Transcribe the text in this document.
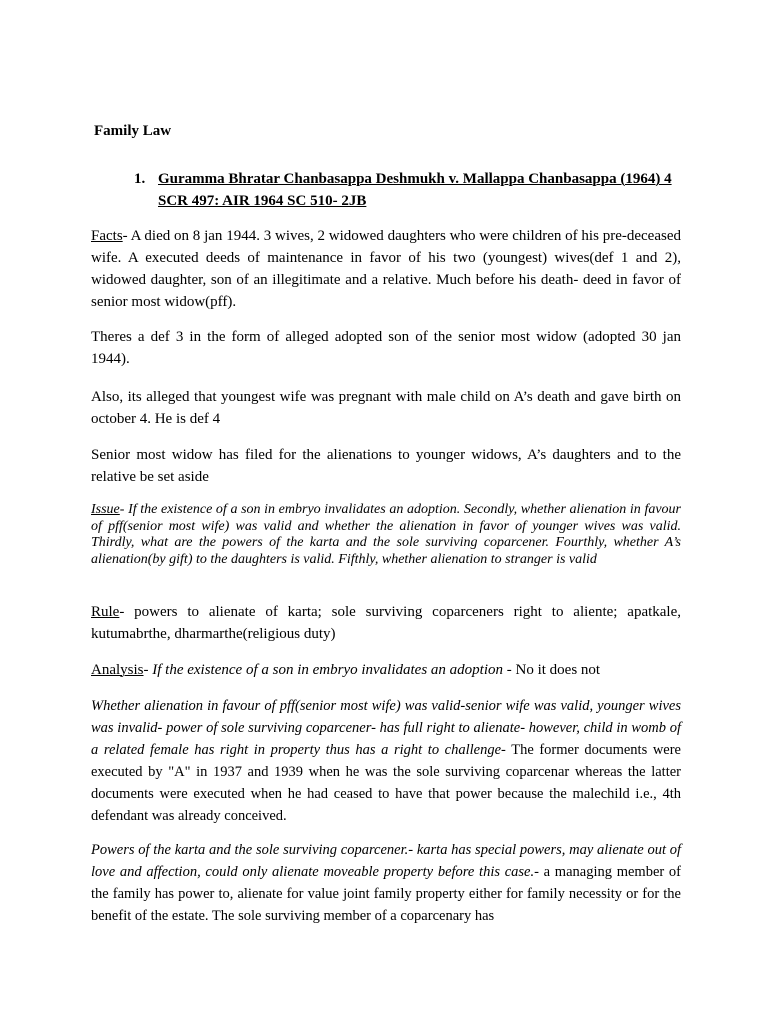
Family Law
1. Guramma Bhratar Chanbasappa Deshmukh v. Mallappa Chanbasappa (1964) 4 SCR 497: AIR 1964 SC 510- 2JB

Facts- A died on 8 jan 1944. 3 wives, 2 widowed daughters who were children of his pre-deceased wife. A executed deeds of maintenance in favor of his two (youngest) wives(def 1 and 2), widowed daughter, son of an illegitimate and a relative. Much before his death- deed in favor of senior most widow(pff).

Theres a def 3 in the form of alleged adopted son of the senior most widow (adopted 30 jan 1944).

Also, its alleged that youngest wife was pregnant with male child on A’s death and gave birth on october 4. He is def 4

Senior most widow has filed for the alienations to younger widows, A’s daughters and to the relative be set aside

Issue- If the existence of a son in embryo invalidates an adoption. Secondly, whether alienation in favour of pff(senior most wife) was valid and whether the alienation in favor of younger wives was valid. Thirdly, what are the powers of the karta and the sole surviving coparcener. Fourthly, whether A’s alienation(by gift) to the daughters is valid. Fifthly, whether alienation to stranger is valid

Rule- powers to alienate of karta; sole surviving coparceners right to aliente; apatkale, kutumabrthe, dharmarthe(religious duty)

Analysis- If the existence of a son in embryo invalidates an adoption - No it does not

Whether alienation in favour of pff(senior most wife) was valid-senior wife was valid, younger wives was invalid- power of sole surviving coparcener- has full right to alienate- however, child in womb of a related female has right in property thus has a right to challenge- The former documents were executed by "A" in 1937 and 1939 when he was the sole surviving coparcenar whereas the latter documents were executed when he had ceased to have that power because the malechild i.e., 4th defendant was already conceived.

Powers of the karta and the sole surviving coparcener.- karta has special powers, may alienate out of love and affection, could only alienate moveable property before this case.- a managing member of the family has power to, alienate for value joint family property either for family necessity or for the benefit of the estate. The sole surviving member of a coparcenary has
